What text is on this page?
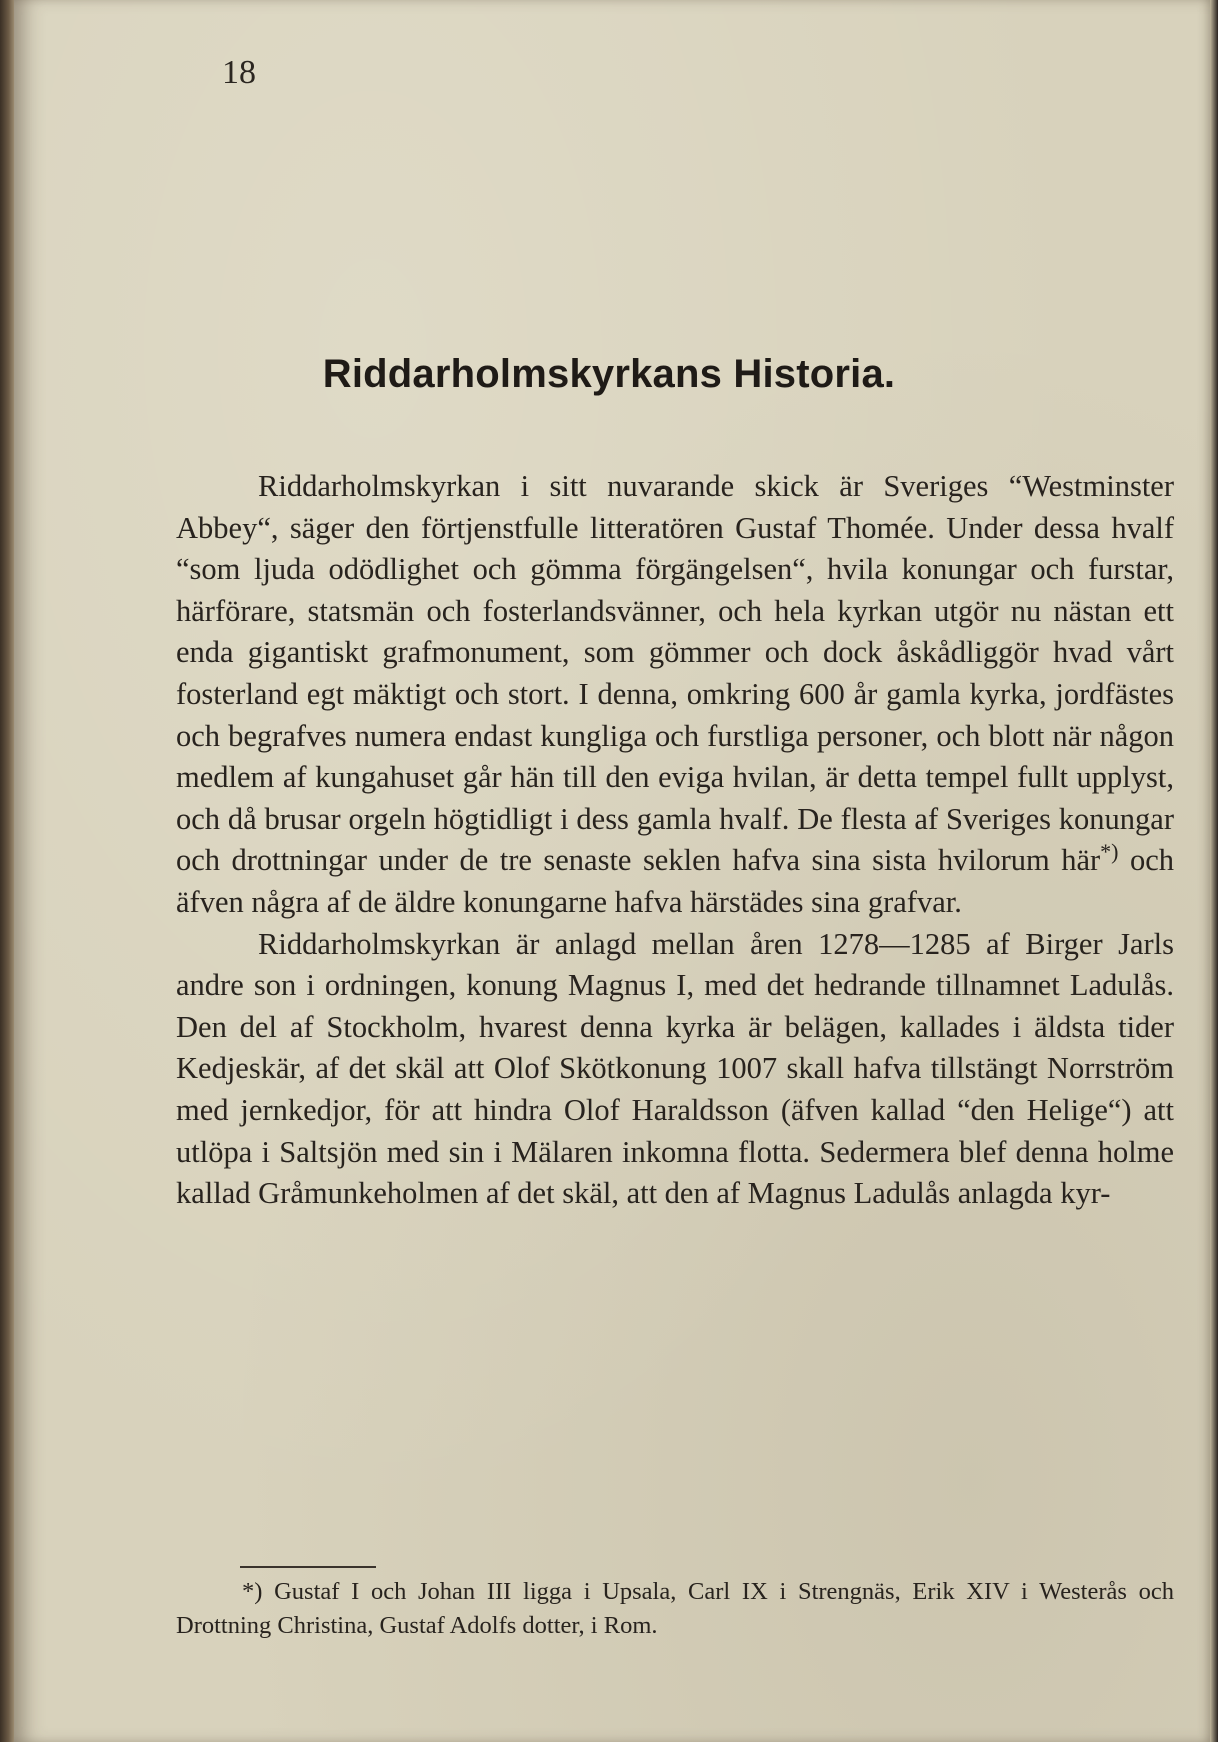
18
Riddarholmskyrkans Historia.

Riddarholmskyrkan i sitt nuvarande skick är Sveriges “Westminster Abbey“, säger den förtjenstfulle litteratören Gustaf Thomée. Under dessa hvalf “som ljuda odödlighet och gömma förgängelsen“, hvila konungar och furstar, härförare, statsmän och fosterlandsvänner, och hela kyrkan utgör nu nästan ett enda gigantiskt grafmonument, som gömmer och dock åskådliggör hvad vårt fosterland egt mäktigt och stort. I denna, omkring 600 år gamla kyrka, jordfästes och begrafves numera endast kungliga och furstliga personer, och blott när någon medlem af kungahuset går hän till den eviga hvilan, är detta tempel fullt upplyst, och då brusar orgeln högtidligt i dess gamla hvalf. De flesta af Sveriges konungar och drottningar under de tre senaste seklen hafva sina sista hvilorum här*) och äfven några af de äldre konungarne hafva härstädes sina grafvar.

Riddarholmskyrkan är anlagd mellan åren 1278—1285 af Birger Jarls andre son i ordningen, konung Magnus I, med det hedrande tillnamnet Ladulås. Den del af Stockholm, hvarest denna kyrka är belägen, kallades i äldsta tider Kedjeskär, af det skäl att Olof Skötkonung 1007 skall hafva tillstängt Norrström med jernkedjor, för att hindra Olof Haraldsson (äfven kallad “den Helige“) att utlöpa i Saltsjön med sin i Mälaren inkomna flotta. Sedermera blef denna holme kallad Gråmunkeholmen af det skäl, att den af Magnus Ladulås anlagda kyr-

*) Gustaf I och Johan III ligga i Upsala, Carl IX i Strengnäs, Erik XIV i Westerås och Drottning Christina, Gustaf Adolfs dotter, i Rom.
